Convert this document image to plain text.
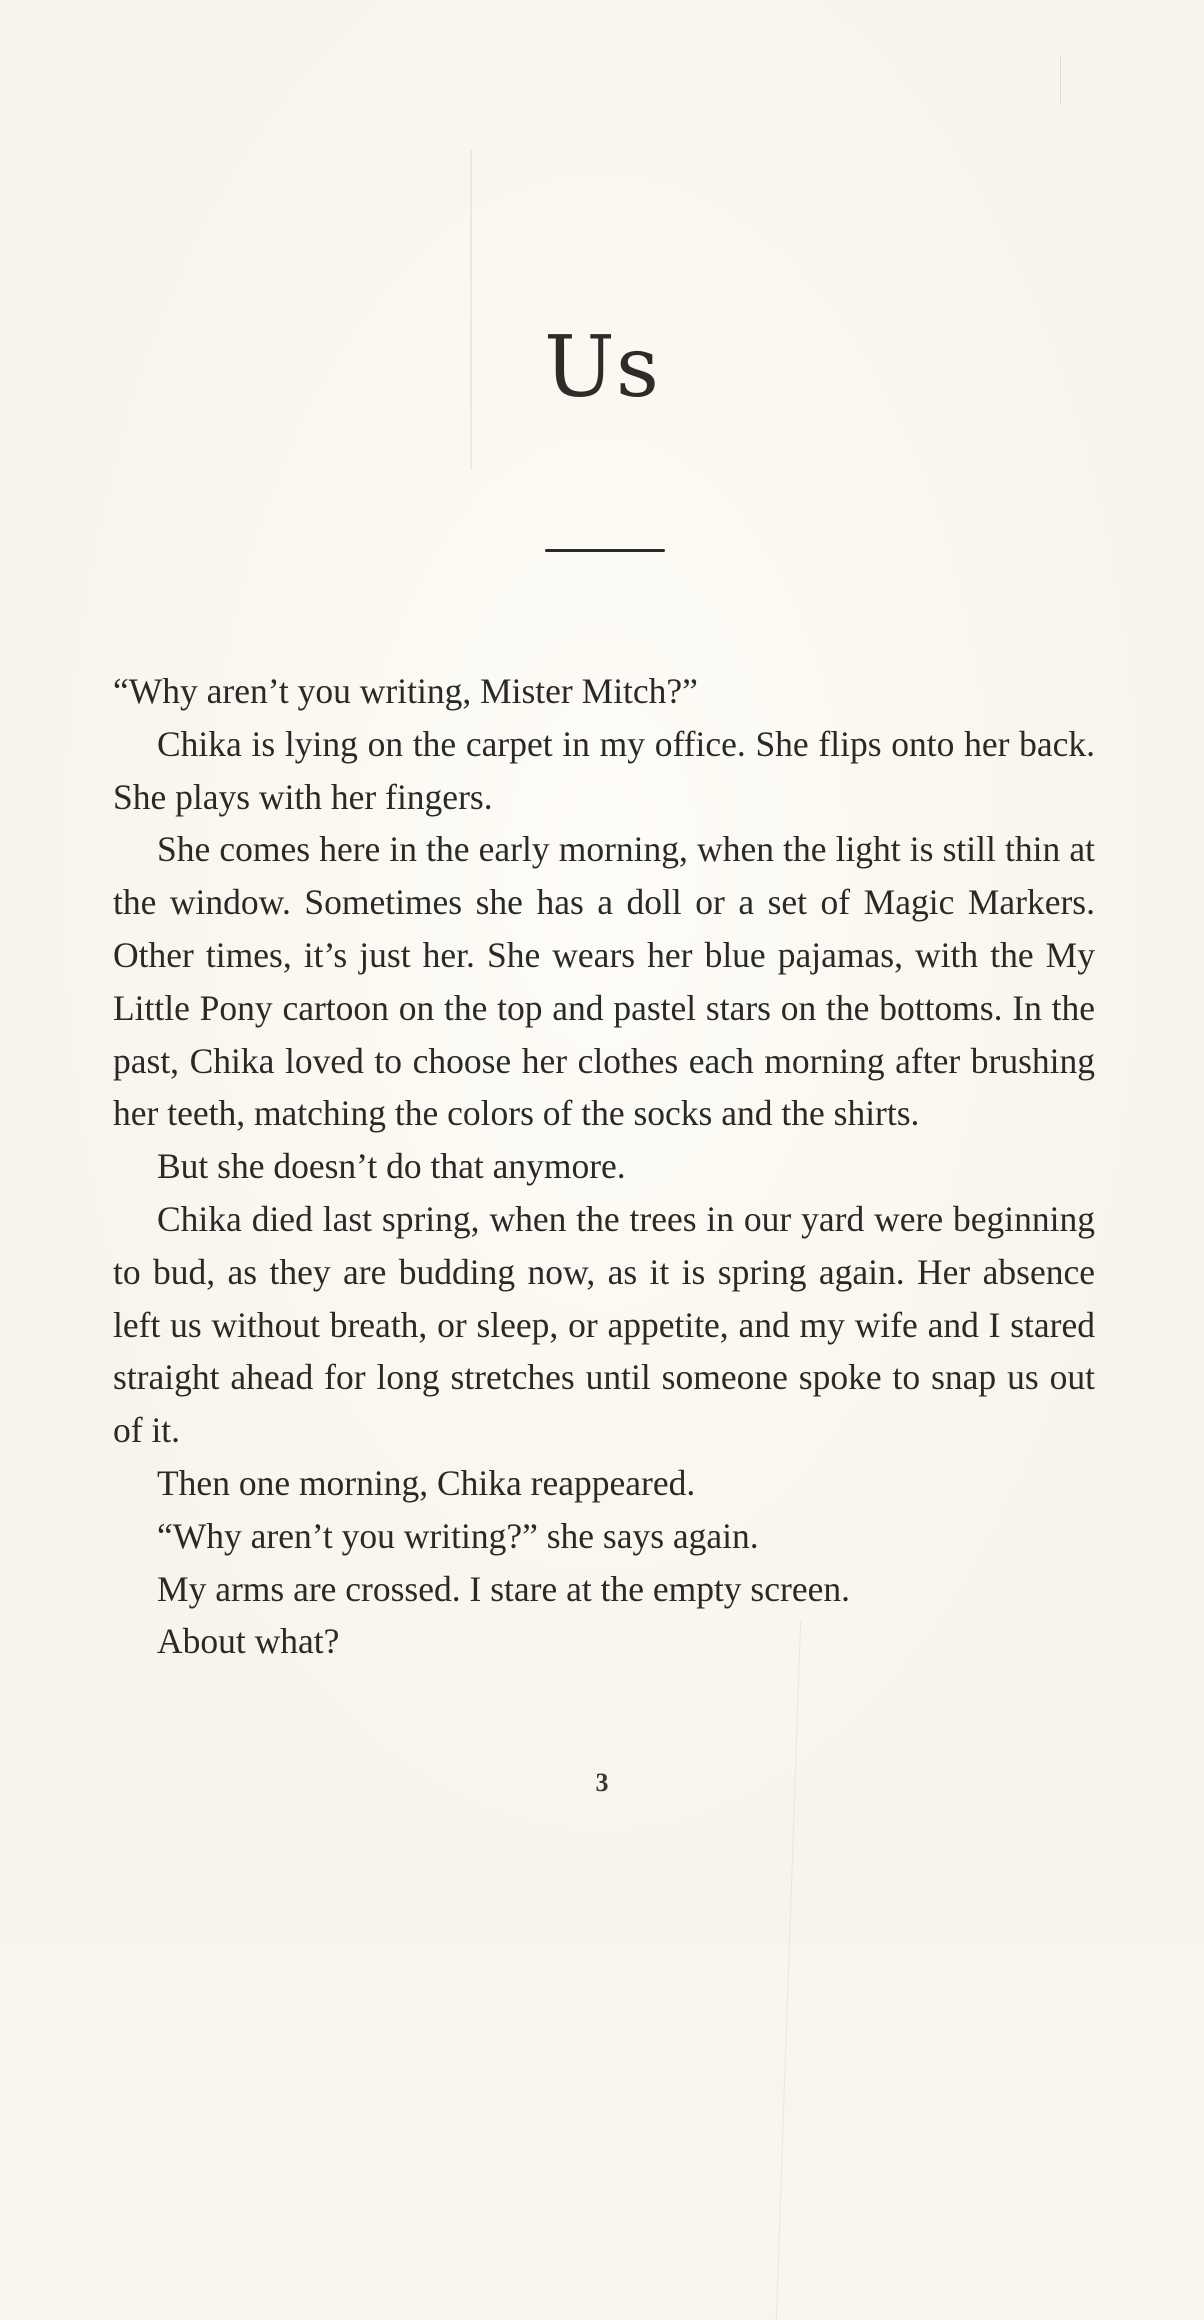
Us

“Why aren’t you writing, Mister Mitch?”

Chika is lying on the carpet in my office. She flips onto her back. She plays with her fingers.

She comes here in the early morning, when the light is still thin at the window. Sometimes she has a doll or a set of Magic Markers. Other times, it’s just her. She wears her blue pajamas, with the My Little Pony cartoon on the top and pastel stars on the bottoms. In the past, Chika loved to choose her clothes each morning after brushing her teeth, matching the colors of the socks and the shirts.

But she doesn’t do that anymore.

Chika died last spring, when the trees in our yard were beginning to bud, as they are budding now, as it is spring again. Her absence left us without breath, or sleep, or appetite, and my wife and I stared straight ahead for long stretches until someone spoke to snap us out of it.

Then one morning, Chika reappeared.

“Why aren’t you writing?” she says again.

My arms are crossed. I stare at the empty screen.

About what?

3
